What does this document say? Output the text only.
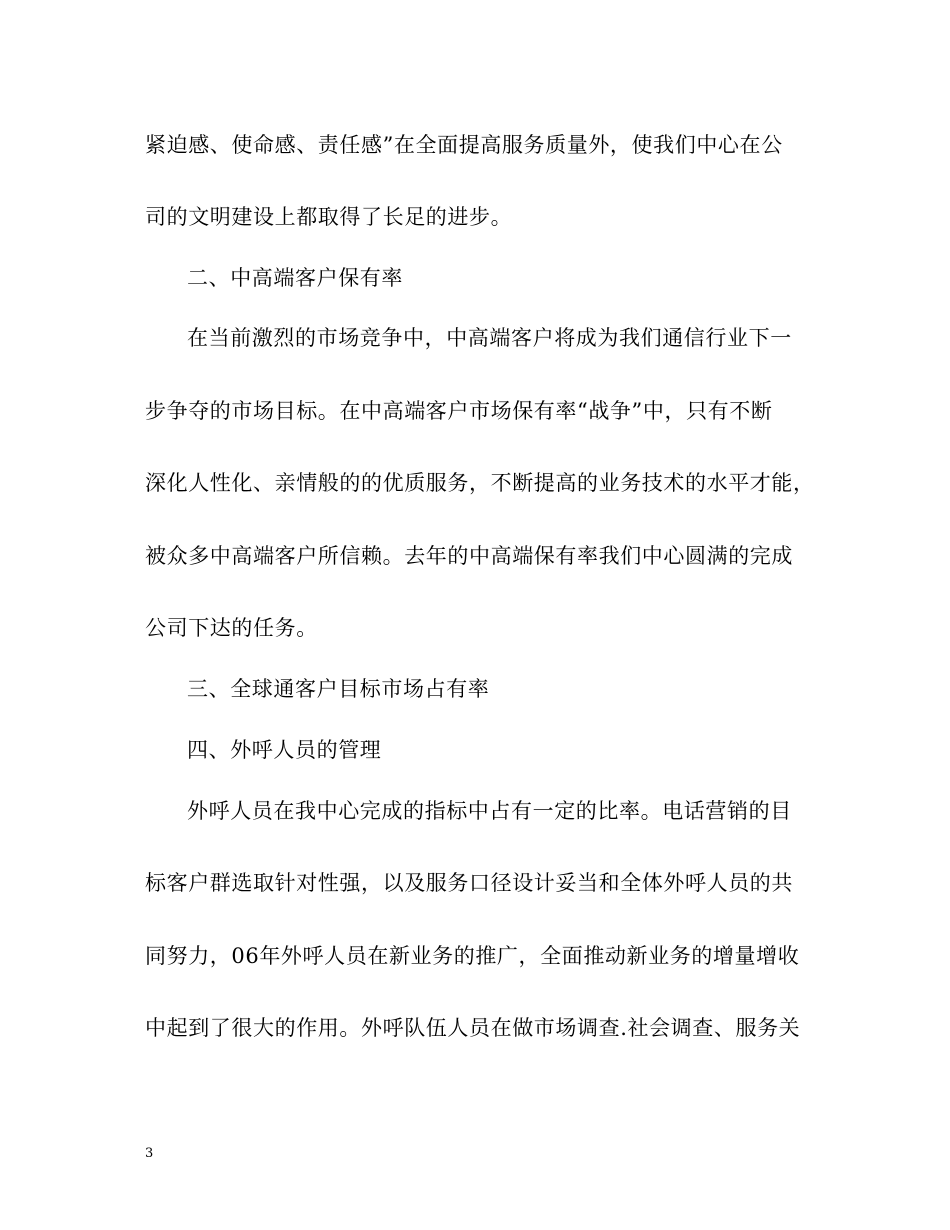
紧迫感、使命感、责任感”在全面提高服务质量外，使我们中心在公
司的文明建设上都取得了长足的进步。
二、中高端客户保有率
在当前激烈的市场竞争中，中高端客户将成为我们通信行业下一
步争夺的市场目标。在中高端客户市场保有率“战争”中，只有不断
深化人性化、亲情般的的优质服务，不断提高的业务技术的水平才能，
被众多中高端客户所信赖。去年的中高端保有率我们中心圆满的完成
公司下达的任务。
三、全球通客户目标市场占有率
四、外呼人员的管理
外呼人员在我中心完成的指标中占有一定的比率。电话营销的目
标客户群选取针对性强，以及服务口径设计妥当和全体外呼人员的共
同努力，06年外呼人员在新业务的推广，全面推动新业务的增量增收
中起到了很大的作用。外呼队伍人员在做市场调查.社会调查、服务关
3
